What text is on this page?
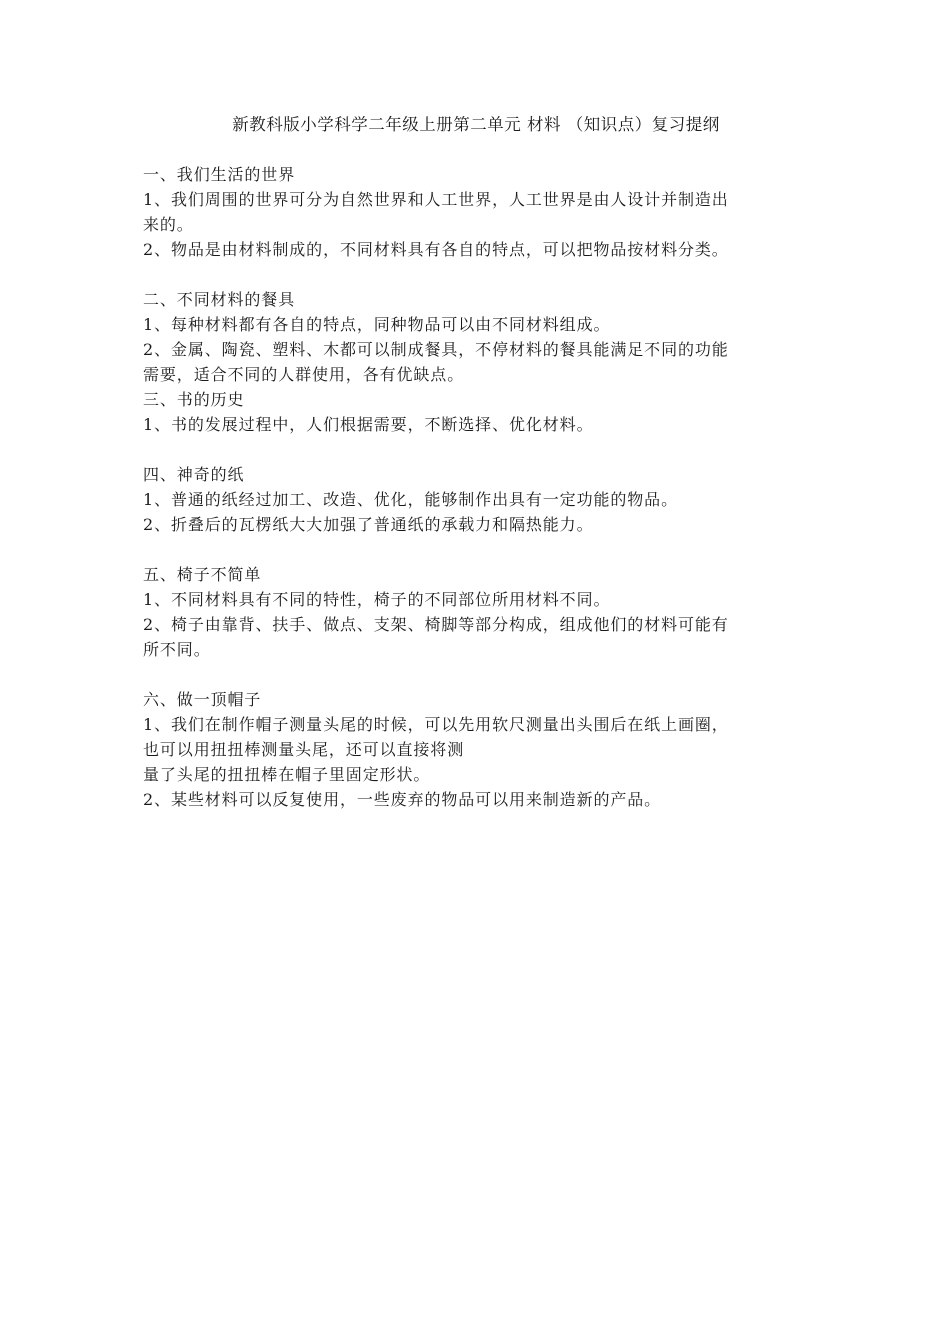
新教科版小学科学二年级上册第二单元 材料 （知识点）复习提纲

一、我们生活的世界

1、我们周围的世界可分为自然世界和人工世界，人工世界是由人设计并制造出
来的。

2、物品是由材料制成的，不同材料具有各自的特点，可以把物品按材料分类。

二、不同材料的餐具

1、每种材料都有各自的特点，同种物品可以由不同材料组成。

2、金属、陶瓷、塑料、木都可以制成餐具，不停材料的餐具能满足不同的功能
需要，适合不同的人群使用，各有优缺点。

三、书的历史

1、书的发展过程中，人们根据需要，不断选择、优化材料。

四、神奇的纸

1、普通的纸经过加工、改造、优化，能够制作出具有一定功能的物品。

2、折叠后的瓦楞纸大大加强了普通纸的承载力和隔热能力。

五、椅子不简单

1、不同材料具有不同的特性，椅子的不同部位所用材料不同。

2、椅子由靠背、扶手、做点、支架、椅脚等部分构成，组成他们的材料可能有
所不同。

六、做一顶帽子

1、我们在制作帽子测量头尾的时候，可以先用软尺测量出头围后在纸上画圈，
也可以用扭扭棒测量头尾，还可以直接将测
量了头尾的扭扭棒在帽子里固定形状。

2、某些材料可以反复使用，一些废弃的物品可以用来制造新的产品。
